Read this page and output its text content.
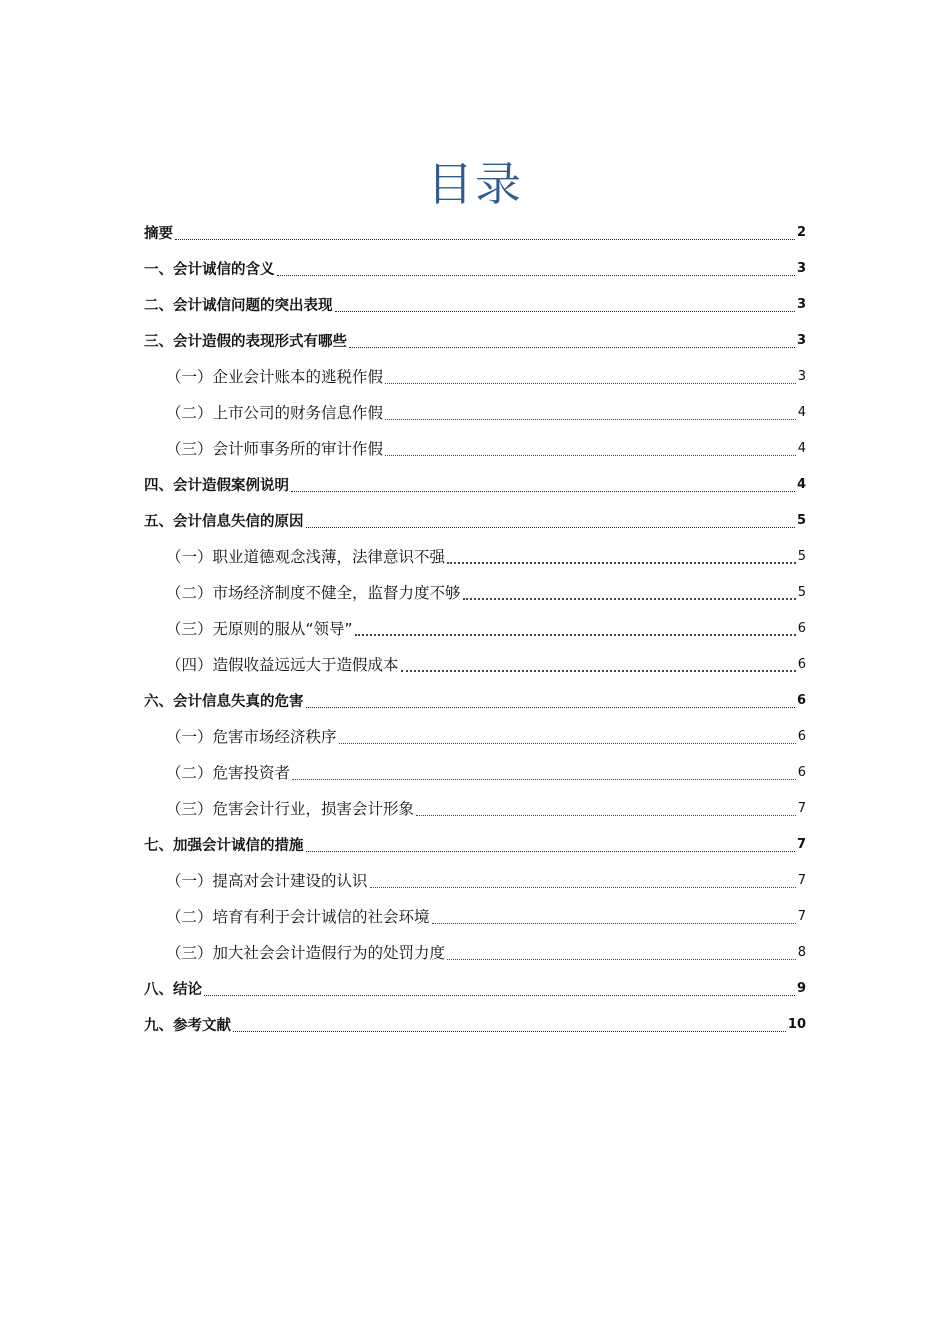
目录
摘要	2
一、会计诚信的含义	3
二、会计诚信问题的突出表现	3
三、会计造假的表现形式有哪些	3
（一）企业会计账本的逃税作假	3
（二）上市公司的财务信息作假	4
（三）会计师事务所的审计作假	4
四、会计造假案例说明	4
五、会计信息失信的原因	5
（一）职业道德观念浅薄，法律意识不强	5
（二）市场经济制度不健全，监督力度不够	5
（三）无原则的服从“领导”	6
（四）造假收益远远大于造假成本	6
六、会计信息失真的危害	6
（一）危害市场经济秩序	6
（二）危害投资者	6
（三）危害会计行业，损害会计形象	7
七、加强会计诚信的措施	7
（一）提高对会计建设的认识	7
（二）培育有利于会计诚信的社会环境	7
（三）加大社会会计造假行为的处罚力度	8
八、结论	9
九、参考文献	10
